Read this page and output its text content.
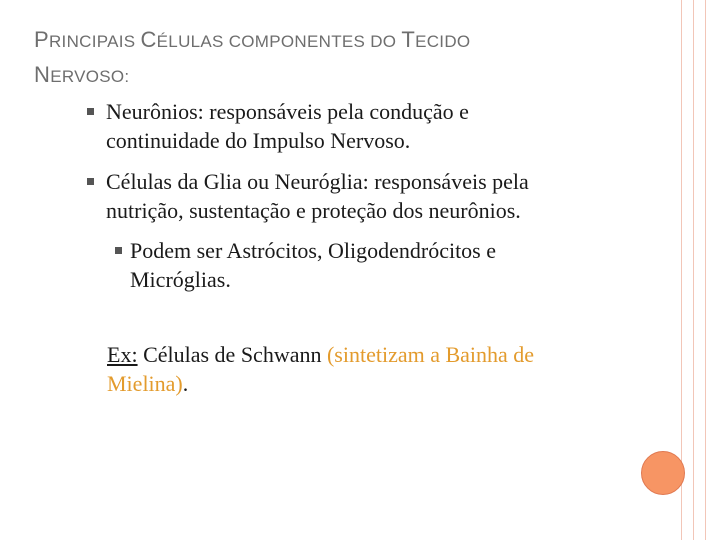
PRINCIPAIS CÉLULAS COMPONENTES DO TECIDO
NERVOSO:
Neurônios: responsáveis pela condução e
continuidade do Impulso Nervoso.
Células da Glia ou Neuróglia: responsáveis pela
nutrição, sustentação e proteção dos neurônios.
Podem ser Astrócitos, Oligodendrócitos e
Micróglias.
Ex: Células de Schwann (sintetizam a Bainha de
Mielina).
